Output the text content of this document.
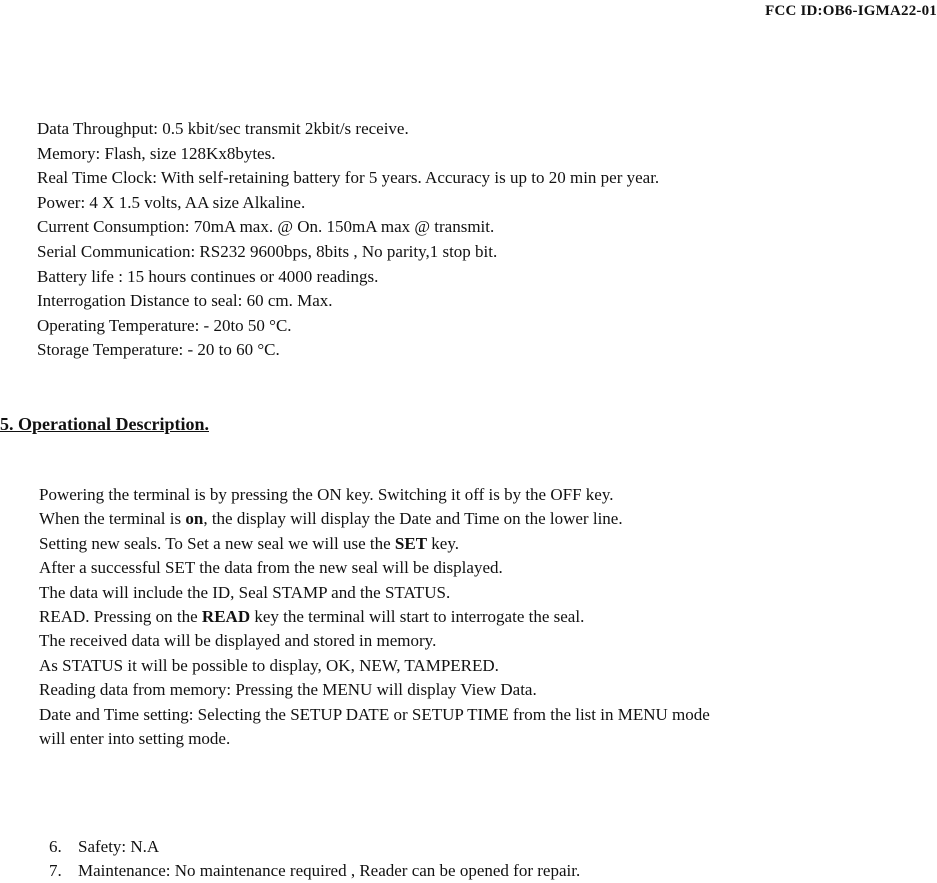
FCC ID:OB6-IGMA22-01
Data Throughput: 0.5 kbit/sec transmit 2kbit/s receive.
Memory: Flash, size 128Kx8bytes.
Real Time Clock: With self-retaining battery for 5 years. Accuracy is up to 20 min per year.
Power: 4 X 1.5 volts, AA size Alkaline.
Current Consumption: 70mA max. @ On. 150mA max @ transmit.
Serial Communication: RS232 9600bps, 8bits , No parity,1 stop bit.
Battery life : 15 hours continues or 4000 readings.
Interrogation Distance to seal: 60 cm. Max.
Operating Temperature: - 20to 50 °C.
Storage Temperature: - 20 to 60 °C.
5. Operational Description.
Powering the terminal is by pressing the ON key. Switching it off is by the OFF key.
When the terminal is on, the display will display the Date and Time on the lower line.
Setting new seals. To Set a new seal we will use the SET key.
After a successful SET the data from the new seal will be displayed.
The data will include the ID, Seal STAMP and the STATUS.
READ. Pressing on the READ key the terminal will start to interrogate the seal.
The received data will be displayed and stored in memory.
As STATUS it will be possible to display, OK, NEW, TAMPERED.
Reading data from memory: Pressing the MENU will display View Data.
Date and Time setting: Selecting the SETUP DATE or SETUP TIME from the list in MENU mode
will enter into setting mode.
6. Safety: N.A
7. Maintenance: No maintenance required , Reader can be opened for repair.
